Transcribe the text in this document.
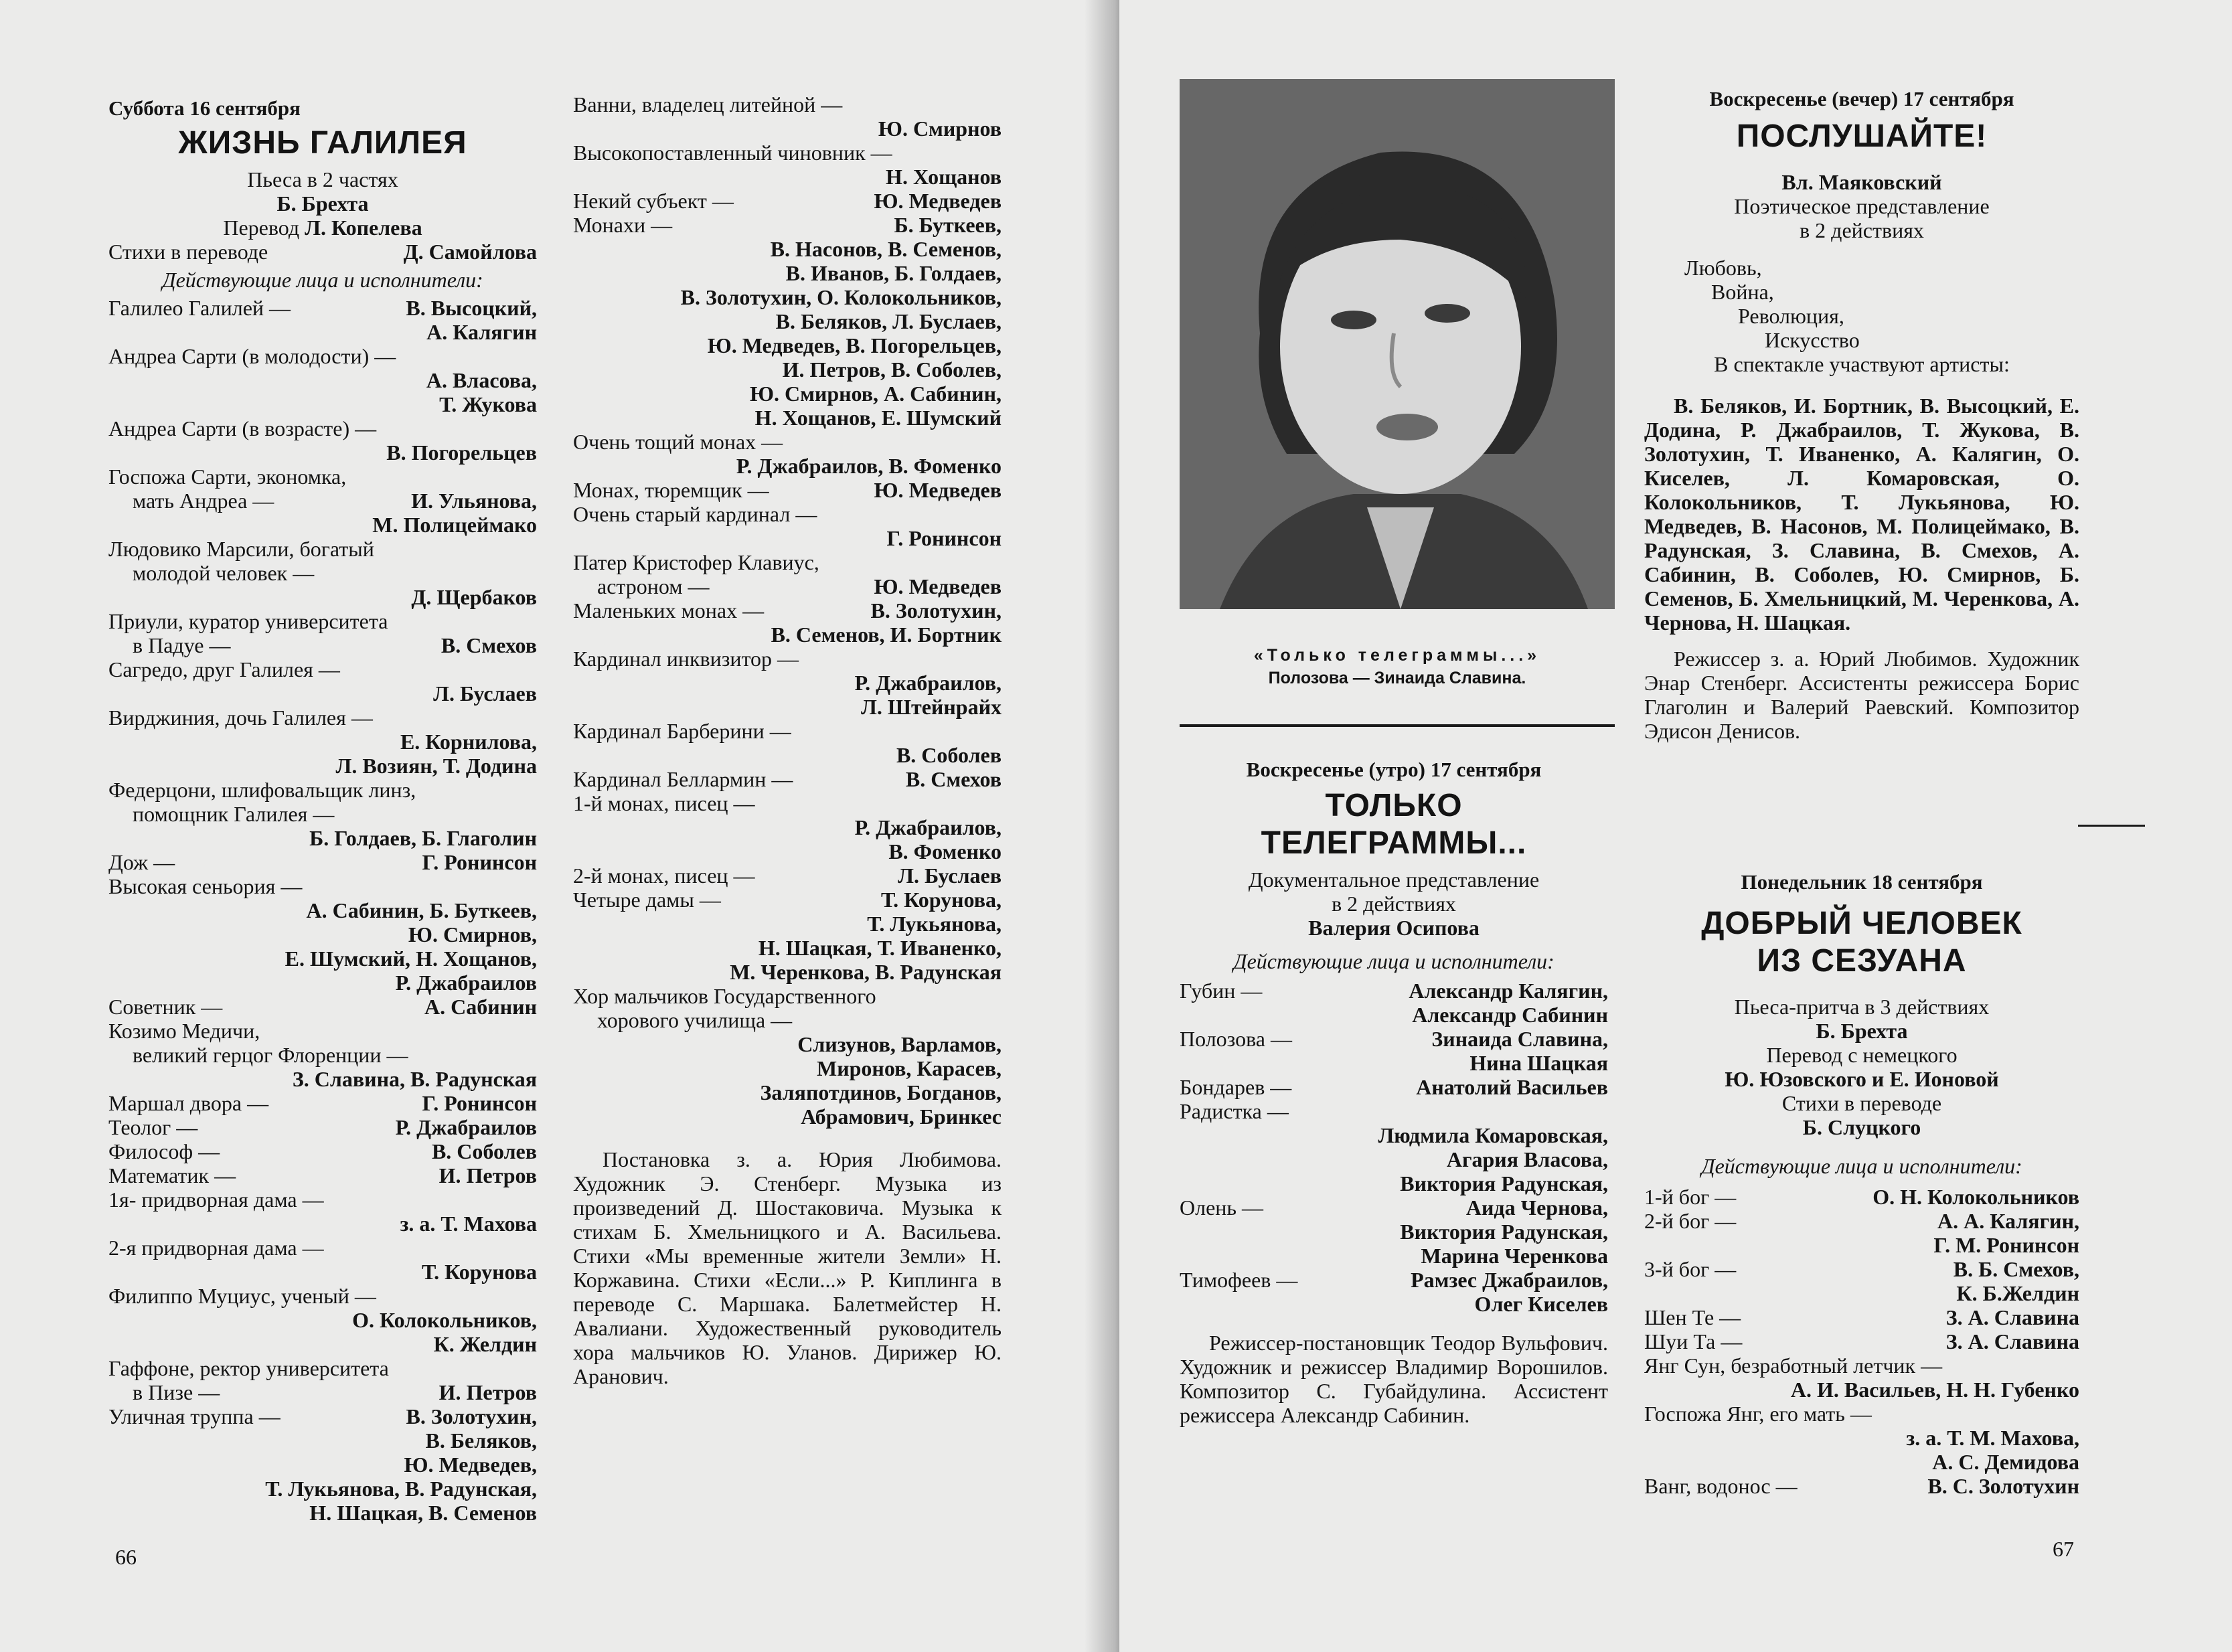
Суббота 16 сентября
ЖИЗНЬ ГАЛИЛЕЯ
Пьеса в 2 частях
Б. Брехта
Перевод Л. Копелева
Стихи в переводе	Д. Самойлова
Действующие лица и исполнители:
Галилео Галилей —	В. Высоцкий,
А. Калягин
Андреа Сарти (в молодости) —
А. Власова,
Т. Жукова
Андреа Сарти (в возрасте) —
В. Погорельцев
Госпожа Сарти, экономка,
мать Андреа —	И. Ульянова,
М. Полицеймако
Людовико Марсили, богатый
молодой человек —
Д. Щербаков
Приули, куратор университета
в Падуе —	В. Смехов
Сагредо, друг Галилея —
Л. Буслаев
Вирджиния, дочь Галилея —
Е. Корнилова,
Л. Возиян, Т. Додина
Федерцони, шлифовальщик линз,
помощник Галилея —
Б. Голдаев, Б. Глаголин
Дож —	Г. Ронинсон
Высокая сеньория —
А. Сабинин, Б. Буткеев,
Ю. Смирнов,
Е. Шумский, Н. Хощанов,
Р. Джабраилов
Советник —	А. Сабинин
Козимо Медичи,
великий герцог Флоренции —
З. Славина, В. Радунская
Маршал двора —	Г. Ронинсон
Теолог —	Р. Джабраилов
Философ —	В. Соболев
Математик —	И. Петров
1я- придворная дама —
з. а. Т. Махова
2-я придворная дама —
Т. Корунова
Филиппо Муциус, ученый —
О. Колокольников,
К. Желдин
Гаффоне, ректор университета
в Пизе —	И. Петров
Уличная труппа —	В. Золотухин,
В. Беляков,
Ю. Медведев,
Т. Лукьянова, В. Радунская,
Н. Шацкая, В. Семенов
Ванни, владелец литейной —
Ю. Смирнов
Высокопоставленный чиновник —
Н. Хощанов
Некий субъект —	Ю. Медведев
Монахи —	Б. Буткеев,
В. Насонов, В. Семенов,
В. Иванов, Б. Голдаев,
В. Золотухин, О. Колокольников,
В. Беляков, Л. Буслаев,
Ю. Медведев, В. Погорельцев,
И. Петров, В. Соболев,
Ю. Смирнов, А. Сабинин,
Н. Хощанов, Е. Шумский
Очень тощий монах —
Р. Джабраилов, В. Фоменко
Монах, тюремщик —	Ю. Медведев
Очень старый кардинал —
Г. Ронинсон
Патер Кристофер Клавиус,
астроном —	Ю. Медведев
Маленьких монах —	В. Золотухин,
В. Семенов, И. Бортник
Кардинал инквизитор —
Р. Джабраилов,
Л. Штейнрайх
Кардинал Барберини —
В. Соболев
Кардинал Беллармин —	В. Смехов
1-й монах, писец —
Р. Джабраилов,
В. Фоменко
2-й монах, писец —	Л. Буслаев
Четыре дамы —	Т. Корунова,
Т. Лукьянова,
Н. Шацкая, Т. Иваненко,
М. Черенкова, В. Радунская
Хор мальчиков Государственного
хорового училища —
Слизунов, Варламов,
Миронов, Карасев,
Заляпотдинов, Богданов,
Абрамович, Бринкес
Постановка з. а. Юрия Любимова. Художник Э. Стенберг. Музыка из произведений Д. Шостаковича. Музыка к стихам Б. Хмельницкого и А. Васильева. Стихи «Мы временные жители Земли» Н. Коржавина. Стихи «Если...» Р. Киплинга в переводе С. Маршака. Балетмейстер Н. Авалиани. Художественный руководитель хора мальчиков Ю. Уланов. Дирижер Ю. Аранович.
66
«Только телеграммы...»
Полозова — Зинаида Славина.
Воскресенье (утро) 17 сентября
ТОЛЬКО
ТЕЛЕГРАММЫ...
Документальное представление
в 2 действиях
Валерия Осипова
Действующие лица и исполнители:
Губин —	Александр Калягин,
Александр Сабинин
Полозова —	Зинаида Славина,
Нина Шацкая
Бондарев —	Анатолий Васильев
Радистка —
Людмила Комаровская,
Агария Власова,
Виктория Радунская,
Олень —	Аида Чернова,
Виктория Радунская,
Марина Черенкова
Тимофеев —	Рамзес Джабраилов,
Олег Киселев
Режиссер-постановщик Теодор Вульфович. Художник и режиссер Владимир Ворошилов. Композитор С. Губайдулина. Ассистент режиссера Александр Сабинин.
Воскресенье (вечер) 17 сентября
ПОСЛУШАЙТЕ!
Вл. Маяковский
Поэтическое представление
в 2 действиях
Любовь,
Война,
Революция,
Искусство
В спектакле участвуют артисты:
В. Беляков, И. Бортник, В. Высоцкий, Е. Додина, Р. Джабраилов, Т. Жукова, В. Золотухин, Т. Иваненко, А. Калягин, О. Киселев, Л. Комаровская, О. Колокольников, Т. Лукьянова, Ю. Медведев, В. Насонов, М. Полицеймако, В. Радунская, З. Славина, В. Смехов, А. Сабинин, В. Соболев, Ю. Смирнов, Б. Семенов, Б. Хмельницкий, М. Черенкова, А. Чернова, Н. Шацкая.
Режиссер з. а. Юрий Любимов. Художник Энар Стенберг. Ассистенты режиссера Борис Глаголин и Валерий Раевский. Композитор Эдисон Денисов.
Понедельник 18 сентября
ДОБРЫЙ ЧЕЛОВЕК
ИЗ СЕЗУАНА
Пьеса-притча в 3 действиях
Б. Брехта
Перевод с немецкого
Ю. Юзовского и Е. Ионовой
Стихи в переводе
Б. Слуцкого
Действующие лица и исполнители:
1-й бог —	О. Н. Колокольников
2-й бог —	А. А. Калягин,
Г. М. Ронинсон
3-й бог —	В. Б. Смехов,
К. Б.Желдин
Шен Те —	З. А. Славина
Шуи Та —	З. А. Славина
Янг Сун, безработный летчик —
А. И. Васильев, Н. Н. Губенко
Госпожа Янг, его мать —
з. а. Т. М. Махова,
А. С. Демидова
Ванг, водонос —	В. С. Золотухин
67
